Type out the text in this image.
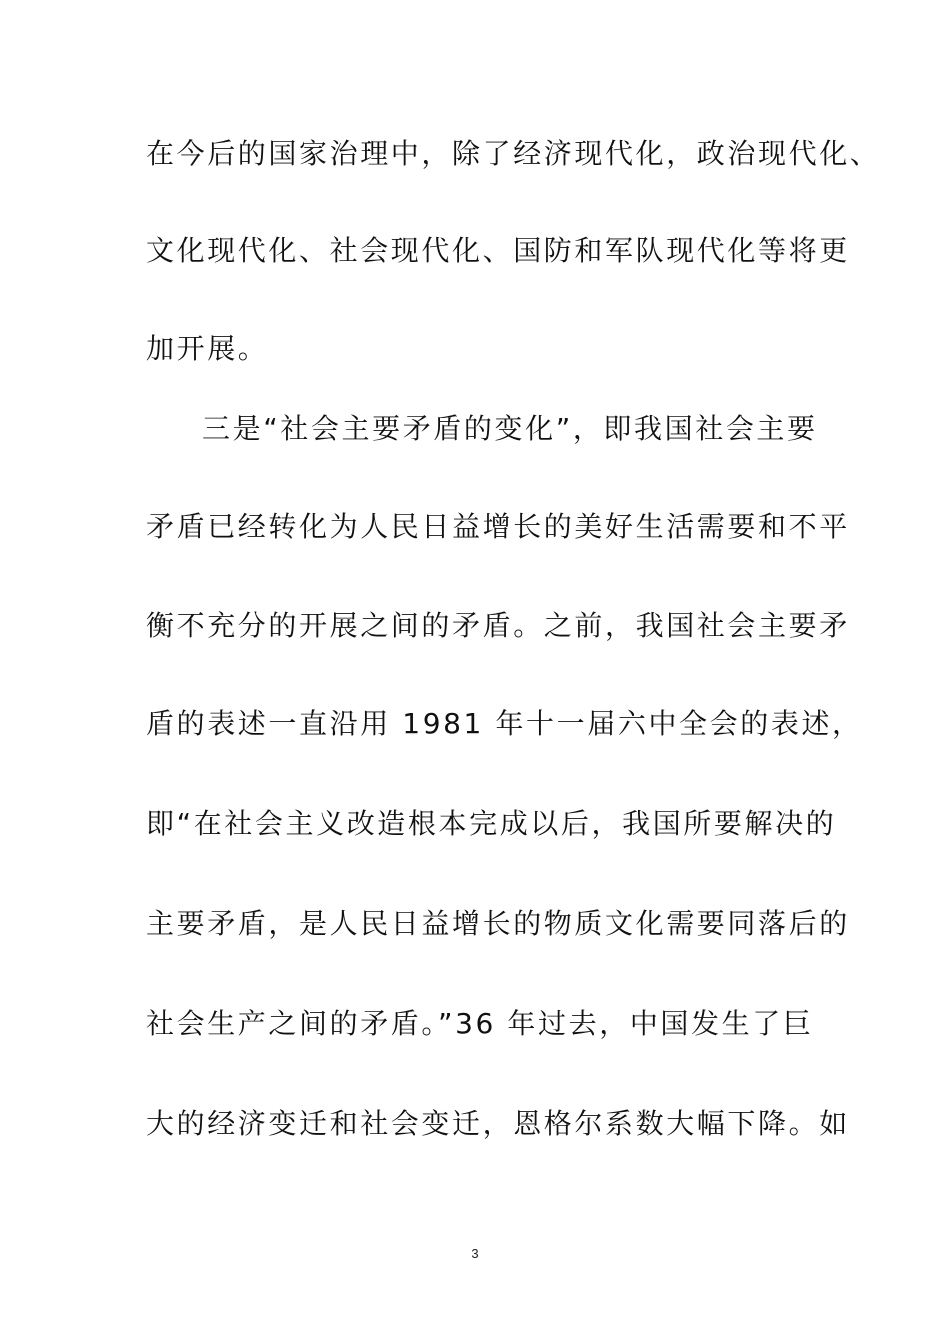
在今后的国家治理中，除了经济现代化，政治现代化、
文化现代化、社会现代化、国防和军队现代化等将更
加开展。
三是“社会主要矛盾的变化”，即我国社会主要
矛盾已经转化为人民日益增长的美好生活需要和不平
衡不充分的开展之间的矛盾。之前，我国社会主要矛
盾的表述一直沿用 1981 年十一届六中全会的表述，
即“在社会主义改造根本完成以后，我国所要解决的
主要矛盾，是人民日益增长的物质文化需要同落后的
社会生产之间的矛盾。”36 年过去，中国发生了巨
大的经济变迁和社会变迁，恩格尔系数大幅下降。如
3
